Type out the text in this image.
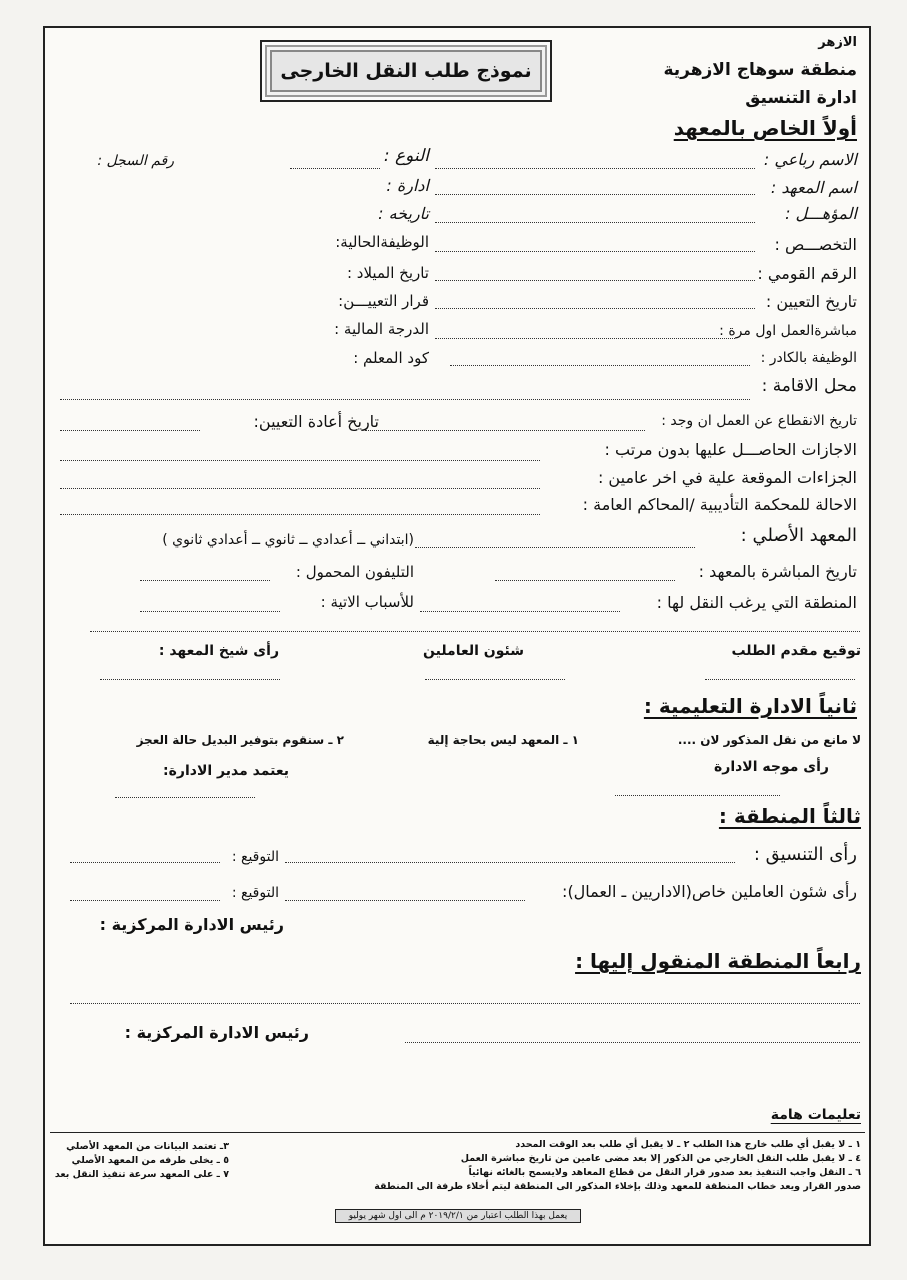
الازهر
منطقة سوهاج الازهرية
ادارة التنسيق
نموذج طلب النقل الخارجى
أولاً الخاص بالمعهد
الاسم رباعي :
النوع :
رقم السجل :
اسم المعهد :
ادارة :
المؤهـــل :
تاريخه :
التخصـــص :
الوظيفةالحالية:
الرقم القومي :
تاريخ الميلاد :
تاريخ التعيين :
قرار التعييـــن:
مباشرةالعمل اول مرة :
الدرجة المالية :
الوظيفة بالكادر :
كود المعلم :
محل الاقامة :
تاريخ الانقطاع عن العمل ان وجد :
تاريخ أعادة التعيين:
الاجازات الحاصـــل عليها بدون مرتب :
الجزاءات الموقعة علية في اخر عامين :
الاحالة للمحكمة التأديبية /المحاكم العامة :
المعهد الأصلي :
(ابتداني ــ أعدادي ــ ثانوي ــ أعدادي ثانوي )
تاريخ المباشرة بالمعهد :
التليفون المحمول :
المنطقة التي يرغب النقل لها :
للأسباب الاتية :
توقيع مقدم الطلب
شئون العاملين
رأى شيخ المعهد :
ثانياً الادارة التعليمية :
لا مانع من نقل المذكور لان ....
١ ـ المعهد ليس بحاجة إلية
٢ ـ سنقوم بتوفير البديل حالة العجز
رأى موجه الادارة
يعتمد مدير الادارة:
ثالثاً المنطقة :
رأى التنسيق :
التوقيع :
رأى شئون العاملين خاص(الاداريين ـ العمال):
التوقيع :
رئيس الادارة المركزية :
رابعاً المنطقة المنقول إليها :
رئيس الادارة المركزية :
تعليمات هامة
١ ـ لا يقبل أي طلب خارج هذا الطلب ٢ ـ لا يقبل أي طلب بعد الوقت المحدد
٤ ـ لا يقبل طلب النقل الخارجي من الذكور إلا بعد مضى عامين من تاريخ مباشرة العمل
٦ ـ النقل واجب التنفيذ بعد صدور قرار النقل من قطاع المعاهد ولايسمح بالغائه نهائياً
صدور القرار ويعد خطاب المنطقة للمعهد وذلك بإخلاء المذكور الى المنطقة ليتم أخلاء طرفة الى المنطقة
٣ـ تعتمد البيانات من المعهد الأصلي
٥ ـ يخلى طرفه من المعهد الأصلي
٧ ـ على المعهد سرعة تنفيذ النقل بعد
يعمل بهذا الطلب اعتبار من ٢٠١٩/٢/١ م الى اول شهر يوليو
